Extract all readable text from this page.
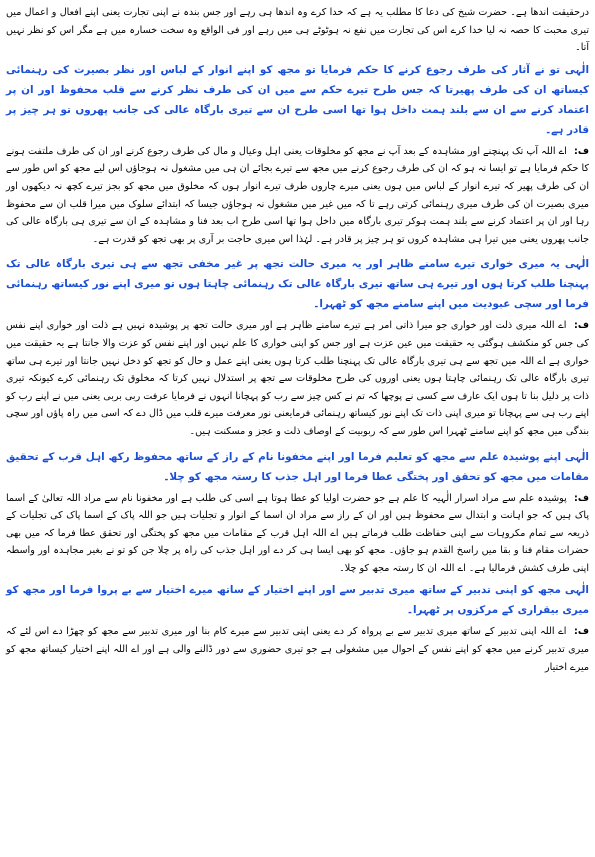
درحقیقت اندھا ہے۔ حضرت شیخ کی دعا کا مطلب یہ ہے کہ خدا کرے وہ اندھا ہی رہے اور جس بندہ نے اپنی تجارت یعنی اپنے افعال و اعمال میں تیری محبت کا حصہ نہ لیا خدا کرے اس کی تجارت میں نفع نہ ہوٹوٹے ہی میں رہے اور فی الواقع وہ سخت خسارہ میں ہے مگر اس کو نظر نہیں آتا۔

الٰہی تو نے آثار کی طرف رجوع کرنے کا حکم فرمایا تو مجھ کو اپنے انوار کے لباس اور نظر بصیرت کی رہنمائی کیساتھ ان کی طرف پھیرتا کہ جس طرح تیرے حکم سے میں ان کی طرف نظر کرنے سے قلب محفوظ اور ان پر اعتماد کرنے سے ان سے بلند ہمت داخل ہوا تھا اسی طرح ان سے تیری بارگاہ عالی کی جانب پھروں تو ہر چیز پر قادر ہے۔

ف: اے اللہ آپ تک پہنچنے اور مشاہدہ کے بعد آپ نے مجھ کو مخلوقات یعنی اہل وعیال و مال کی طرف رجوع کرنے اور ان کی طرف ملتفت ہونے کا حکم فرمایا ہے تو ایسا نہ ہو کہ ان کی طرف رجوع کرنے میں مجھ سے تیرے بجائے ان ہی میں مشغول نہ ہوجاؤں اس لیے مجھ کو اس طور سے ان کی طرف پھیر کہ تیرے انوار کے لباس میں ہوں یعنی میرے چاروں طرف تیرے انوار ہوں کہ مخلوق میں مجھ کو بجز تیرے کچھ نہ دیکھوں اور میری بصیرت ان کی طرف میری رہنمائی کرتی رہے تا کہ میں غیر میں مشغول نہ ہوجاؤں جیسا کہ ابتدائے سلوک میں میرا قلب ان سے محفوظ رہا اور ان پر اعتماد کرنے سے بلند ہمت ہوکر تیری بارگاہ میں داخل ہوا تھا اسی طرح اب بعد فنا و مشاہدہ کے ان سے تیری ہی بارگاہ عالی کی جانب پھروں یعنی میں تیرا ہی مشاہدہ کروں تو ہر چیز پر قادر ہے۔ لہٰذا اس میری حاجت بر آری پر بھی تجھ کو قدرت ہے۔

الٰہی یہ میری خواری تیرے سامنے ظاہر اور یہ میری حالت تجھ پر غیر مخفی تجھ سے ہی تیری بارگاہ عالی تک پہنچنا طلب کرتا ہوں اور تیرے ہی ساتھ تیری بارگاہ عالی تک رہنمائی چاہتا ہوں تو میری اپنے نور کیساتھ رہنمائی فرما اور سچی عبودیت میں اپنے سامنے مجھ کو ٹھہرا۔

ف: اے اللہ میری ذلت اور خواری جو میرا ذاتی امر ہے تیرے سامنے ظاہر ہے اور میری حالت تجھ پر پوشیدہ نہیں ہے ذلت اور خواری اپنے نفس کی جس کو منکشف ہوگئی یہ حقیقت میں عین عزت ہے اور جس کو اپنی خواری کا علم نہیں اور اپنے نفس کو عزت والا جانتا ہے یہ حقیقت میں خواری ہے اے اللہ میں تجھ سے ہی تیری بارگاہ عالی تک پہنچنا طلب کرتا ہوں یعنی اپنے عمل و حال کو تجھ کو دخل نہیں جانتا اور تیرے ہی ساتھ تیری بارگاہ عالی تک رہنمائی چاہتا ہوں یعنی اوروں کی طرح مخلوقات سے تجھ پر استدلال نہیں کرتا کہ مخلوق تک رہنمائی کرے کیونکہ تیری ذات پر دلیل بنا تا ہوں ایک عارف سے کسی نے پوچھا کہ تم نے کس چیز سے رب کو پہچانا انہوں نے فرمایا عرفت ربی بربی یعنی میں نے اپنے رب کو اپنے رب ہی سے پہچانا تو میری اپنی ذات تک اپنے نور کیساتھ رہنمائی فرمایعنی نور معرفت میرے قلب میں ڈال دے کہ اسی میں راہ پاؤں اور سچی بندگی میں مجھ کو اپنے سامنے ٹھہرا اس طور سے کہ ربوبیت کے اوصاف ذلت و عجز و مسکنت ہیں۔

الٰہی اپنے پوشیدہ علم سے مجھ کو تعلیم فرما اور اپنے مخفونا نام کے راز کے ساتھ محفوظ رکھ اہل قرب کے تحقیق مقامات میں مجھ کو تحقق اور پختگی عطا فرما اور اہل جذب کا رستہ مجھ کو چلا۔

ف: پوشیدہ علم سے مراد اسرار الٰہیہ کا علم ہے جو حضرت اولیا کو عطا ہوتا ہے اسی کی طلب ہے اور مخفونا نام سے مراد اللہ تعالیٰ کے اسما پاک ہیں کہ جو اہانت و ابتدال سے محفوظ ہیں اور ان کے راز سے مراد ان اسما کے انوار و تجلیات ہیں جو اللہ پاک کے اسما پاک کی تجلیات کے ذریعہ سے تمام مکروہات سے اپنی حفاظت طلب فرماتے ہیں اے اللہ اہل قرب کے مقامات میں مجھ کو پختگی اور تحقق عطا فرما کہ میں بھی حضرات مقام فنا و بقا میں راسخ القدم ہو جاؤں۔ مجھ کو بھی ایسا ہی کر دے اور اہل جذب کی راہ پر چلا جن کو تو نے بغیر مجاہدہ اور واسطہ اپنی طرف کشش فرمالیا ہے۔ اے اللہ ان کا رستہ مجھ کو چلا۔

الٰہی مجھ کو اپنی تدبیر کے ساتھ میری تدبیر سے اور اپنے اختیار کے ساتھ میرے اختیار سے بے پروا فرما اور مجھ کو میری بیقراری کے مرکزوں پر ٹھہرا۔

ف: اے اللہ اپنی تدبیر کے ساتھ میری تدبیر سے بے پرواہ کر دے یعنی اپنی تدبیر سے میرے کام بنا اور میری تدبیر سے مجھ کو چھڑا دے اس لئے کہ میری تدبیر کرنے میں مجھ کو اپنے نفس کے احوال میں مشغولی ہے جو تیری حضوری سے دور ڈالنے والی ہے اور اے اللہ اپنے اختیار کیساتھ مجھ کو میرے اختیار
